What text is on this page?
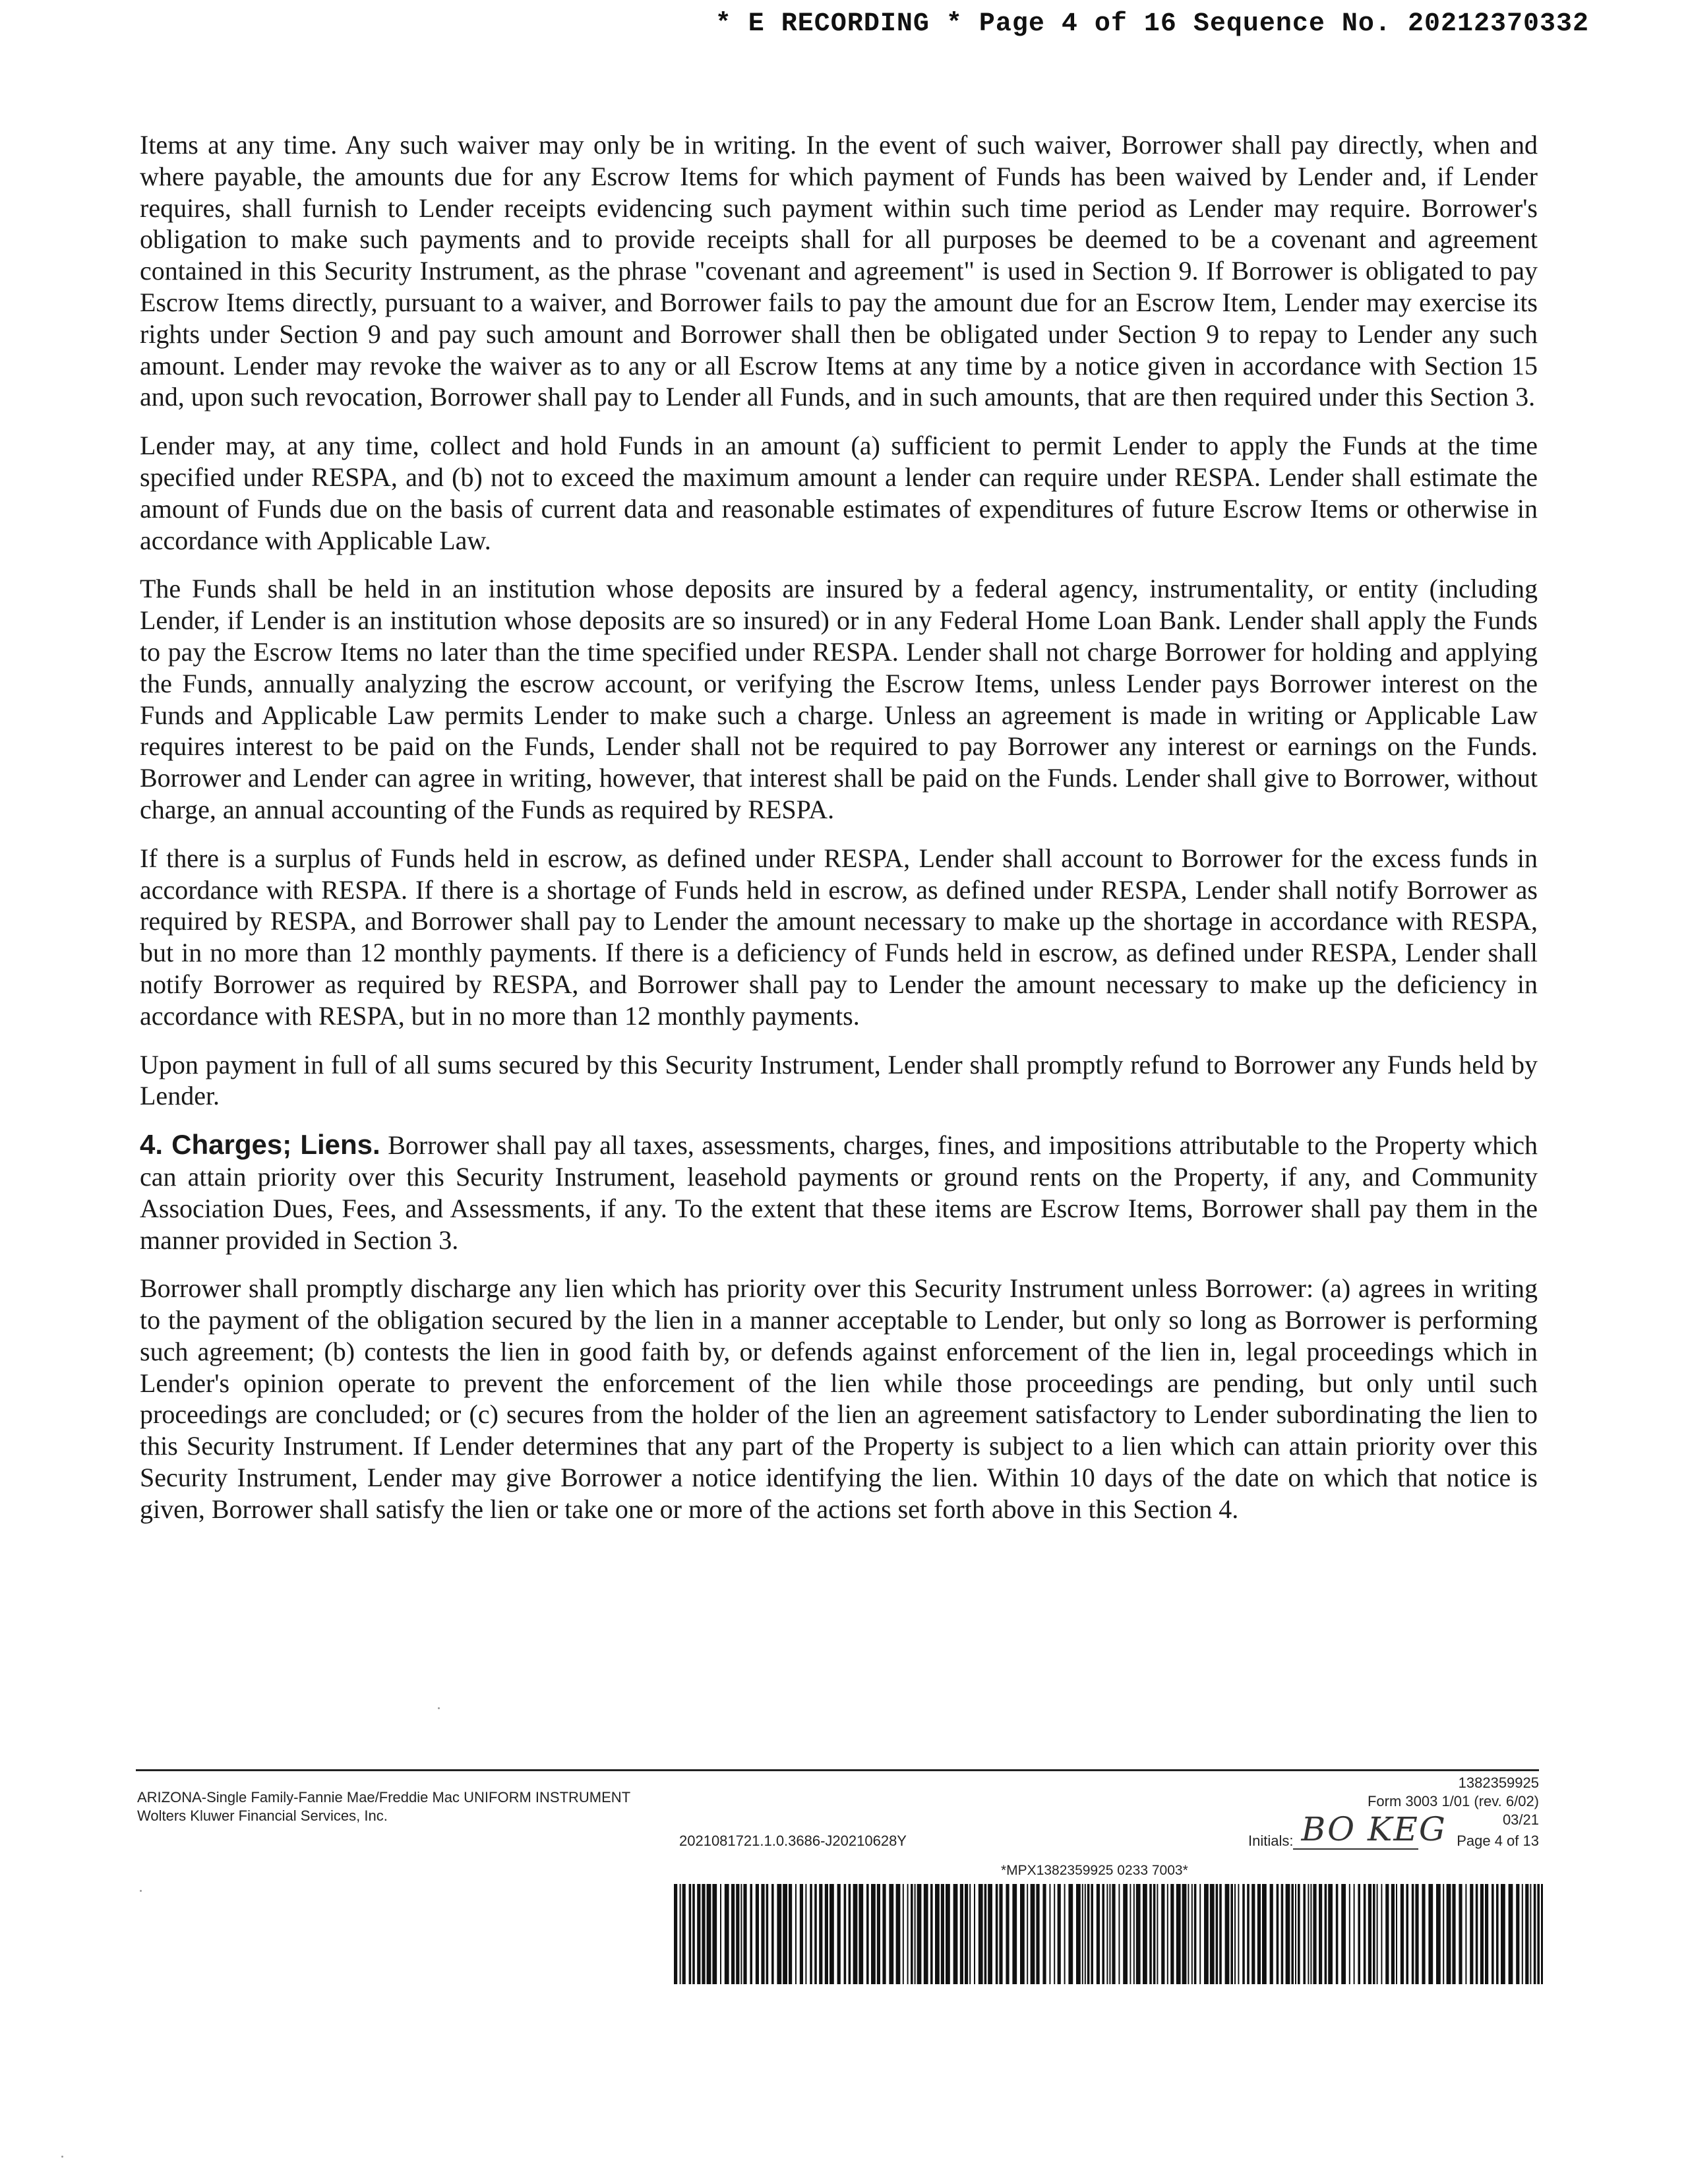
* E RECORDING * Page 4 of 16 Sequence No. 20212370332

Items at any time. Any such waiver may only be in writing. In the event of such waiver, Borrower shall pay directly, when and where payable, the amounts due for any Escrow Items for which payment of Funds has been waived by Lender and, if Lender requires, shall furnish to Lender receipts evidencing such payment within such time period as Lender may require. Borrower's obligation to make such payments and to provide receipts shall for all purposes be deemed to be a covenant and agreement contained in this Security Instrument, as the phrase "covenant and agreement" is used in Section 9. If Borrower is obligated to pay Escrow Items directly, pursuant to a waiver, and Borrower fails to pay the amount due for an Escrow Item, Lender may exercise its rights under Section 9 and pay such amount and Borrower shall then be obligated under Section 9 to repay to Lender any such amount. Lender may revoke the waiver as to any or all Escrow Items at any time by a notice given in accordance with Section 15 and, upon such revocation, Borrower shall pay to Lender all Funds, and in such amounts, that are then required under this Section 3.

Lender may, at any time, collect and hold Funds in an amount (a) sufficient to permit Lender to apply the Funds at the time specified under RESPA, and (b) not to exceed the maximum amount a lender can require under RESPA. Lender shall estimate the amount of Funds due on the basis of current data and reasonable estimates of expenditures of future Escrow Items or otherwise in accordance with Applicable Law.

The Funds shall be held in an institution whose deposits are insured by a federal agency, instrumentality, or entity (including Lender, if Lender is an institution whose deposits are so insured) or in any Federal Home Loan Bank. Lender shall apply the Funds to pay the Escrow Items no later than the time specified under RESPA. Lender shall not charge Borrower for holding and applying the Funds, annually analyzing the escrow account, or verifying the Escrow Items, unless Lender pays Borrower interest on the Funds and Applicable Law permits Lender to make such a charge. Unless an agreement is made in writing or Applicable Law requires interest to be paid on the Funds, Lender shall not be required to pay Borrower any interest or earnings on the Funds. Borrower and Lender can agree in writing, however, that interest shall be paid on the Funds. Lender shall give to Borrower, without charge, an annual accounting of the Funds as required by RESPA.

If there is a surplus of Funds held in escrow, as defined under RESPA, Lender shall account to Borrower for the excess funds in accordance with RESPA. If there is a shortage of Funds held in escrow, as defined under RESPA, Lender shall notify Borrower as required by RESPA, and Borrower shall pay to Lender the amount necessary to make up the shortage in accordance with RESPA, but in no more than 12 monthly payments. If there is a deficiency of Funds held in escrow, as defined under RESPA, Lender shall notify Borrower as required by RESPA, and Borrower shall pay to Lender the amount necessary to make up the deficiency in accordance with RESPA, but in no more than 12 monthly payments.

Upon payment in full of all sums secured by this Security Instrument, Lender shall promptly refund to Borrower any Funds held by Lender.

4. Charges; Liens. Borrower shall pay all taxes, assessments, charges, fines, and impositions attributable to the Property which can attain priority over this Security Instrument, leasehold payments or ground rents on the Property, if any, and Community Association Dues, Fees, and Assessments, if any. To the extent that these items are Escrow Items, Borrower shall pay them in the manner provided in Section 3.

Borrower shall promptly discharge any lien which has priority over this Security Instrument unless Borrower: (a) agrees in writing to the payment of the obligation secured by the lien in a manner acceptable to Lender, but only so long as Borrower is performing such agreement; (b) contests the lien in good faith by, or defends against enforcement of the lien in, legal proceedings which in Lender's opinion operate to prevent the enforcement of the lien while those proceedings are pending, but only until such proceedings are concluded; or (c) secures from the holder of the lien an agreement satisfactory to Lender subordinating the lien to this Security Instrument. If Lender determines that any part of the Property is subject to a lien which can attain priority over this Security Instrument, Lender may give Borrower a notice identifying the lien. Within 10 days of the date on which that notice is given, Borrower shall satisfy the lien or take one or more of the actions set forth above in this Section 4.

ARIZONA-Single Family-Fannie Mae/Freddie Mac UNIFORM INSTRUMENT
Wolters Kluwer Financial Services, Inc.
2021081721.1.0.3686-J20210628Y
1382359925
Form 3003 1/01 (rev. 6/02)
03/21
Initials: BO KEG Page 4 of 13
*MPX1382359925 0233 7003*
